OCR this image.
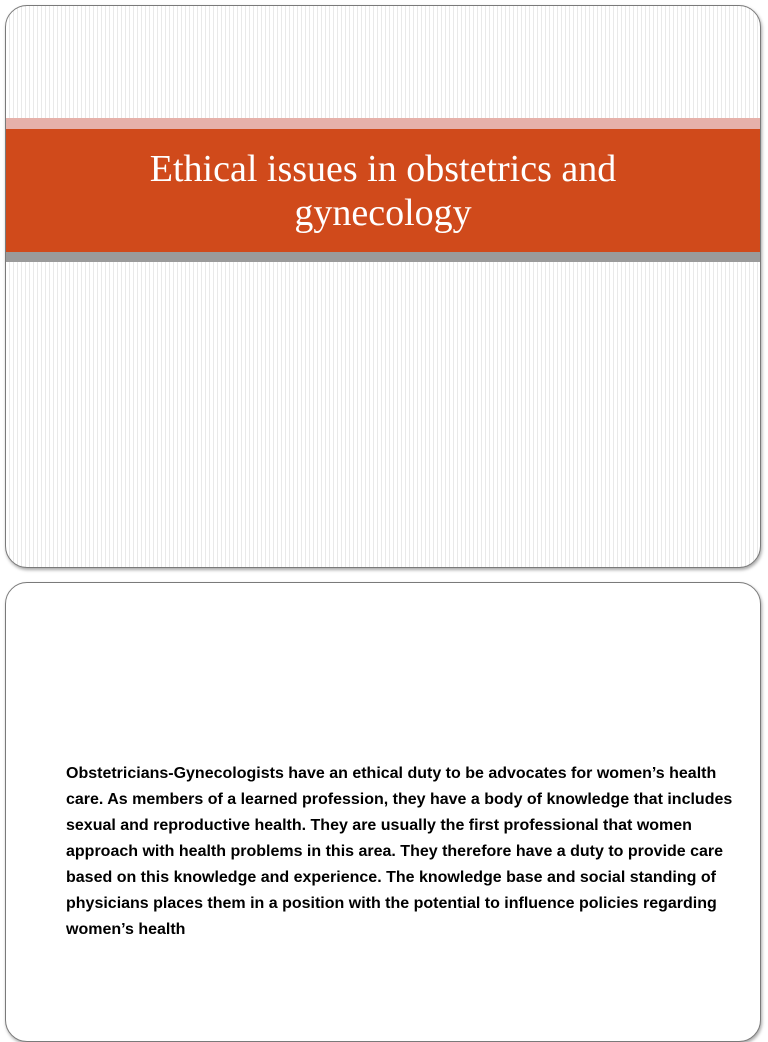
Ethical issues in obstetrics and gynecology

Obstetricians-Gynecologists have an ethical duty to be advocates for women’s health care. As members of a learned profession, they have a body of knowledge that includes sexual and reproductive health. They are usually the first professional that women approach with health problems in this area. They therefore have a duty to provide care based on this knowledge and experience. The knowledge base and social standing of physicians places them in a position with the potential to influence policies regarding women’s health
